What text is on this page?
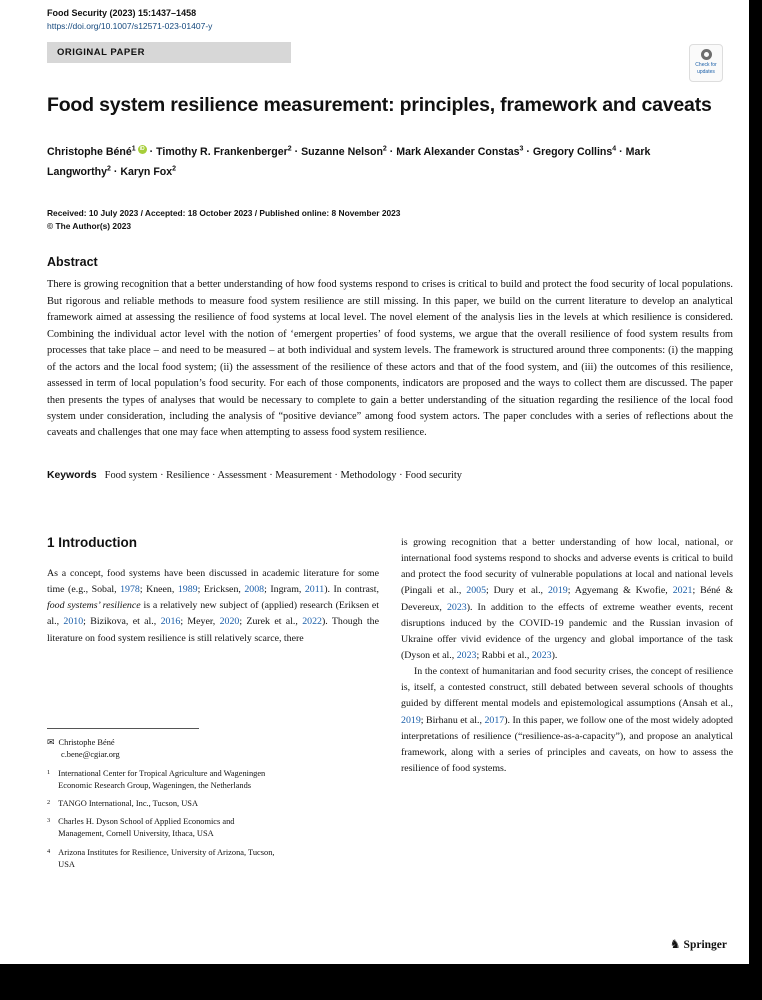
Food Security (2023) 15:1437–1458
https://doi.org/10.1007/s12571-023-01407-y
ORIGINAL PAPER
Check for
updates
Food system resilience measurement: principles, framework and caveats
Christophe Béné$^1$ iD · Timothy R. Frankenberger$^2$ · Suzanne Nelson$^2$ · Mark Alexander Constas$^3$ · Gregory Collins$^4$ · Mark Langworthy$^2$ · Karyn Fox$^2$
Received: 10 July 2023 / Accepted: 18 October 2023 / Published online: 8 November 2023
© The Author(s) 2023
Abstract

There is growing recognition that a better understanding of how food systems respond to crises is critical to build and protect the food security of local populations. But rigorous and reliable methods to measure food system resilience are still missing. In this paper, we build on the current literature to develop an analytical framework aimed at assessing the resilience of food systems at local level. The novel element of the analysis lies in the levels at which resilience is considered. Combining the individual actor level with the notion of ‘emergent properties’ of food systems, we argue that the overall resilience of food system results from processes that take place – and need to be measured – at both individual and system levels. The framework is structured around three components: (i) the mapping of the actors and the local food system; (ii) the assessment of the resilience of these actors and that of the food system, and (iii) the outcomes of this resilience, assessed in term of local population’s food security. For each of those components, indicators are proposed and the ways to collect them are discussed. The paper then presents the types of analyses that would be necessary to complete to gain a better understanding of the situation regarding the resilience of the local food system under consideration, including the analysis of “positive deviance” among food system actors. The paper concludes with a series of reflections about the caveats and challenges that one may face when attempting to assess food system resilience.

Keywords Food system · Resilience · Assessment · Measurement · Methodology · Food security
1 Introduction

As a concept, food systems have been discussed in academic literature for some time (e.g., Sobal, 1978; Kneen, 1989; Ericksen, 2008; Ingram, 2011). In contrast, food systems’ resilience is a relatively new subject of (applied) research (Eriksen et al., 2010; Bizikova, et al., 2016; Meyer, 2020; Zurek et al., 2022). Though the literature on food system resilience is still relatively scarce, there

✉ Christophe Béné
c.bene@cgiar.org
1 International Center for Tropical Agriculture and Wageningen Economic Research Group, Wageningen, the Netherlands
2 TANGO International, Inc., Tucson, USA
3 Charles H. Dyson School of Applied Economics and Management, Cornell University, Ithaca, USA
4 Arizona Institutes for Resilience, University of Arizona, Tucson, USA

is growing recognition that a better understanding of how local, national, or international food systems respond to shocks and adverse events is critical to build and protect the food security of vulnerable populations at local and national levels (Pingali et al., 2005; Dury et al., 2019; Agyemang & Kwofie, 2021; Béné & Devereux, 2023). In addition to the effects of extreme weather events, recent disruptions induced by the COVID-19 pandemic and the Russian invasion of Ukraine offer vivid evidence of the urgency and global importance of the task (Dyson et al., 2023; Rabbi et al., 2023).

In the context of humanitarian and food security crises, the concept of resilience is, itself, a contested construct, still debated between several schools of thoughts guided by different mental models and epistemological assumptions (Ansah et al., 2019; Birhanu et al., 2017). In this paper, we follow one of the most widely adopted interpretations of resilience (“resilience-as-a-capacity”), and propose an analytical framework, along with a series of principles and caveats, on how to assess the resilience of food systems.

♞ Springer
